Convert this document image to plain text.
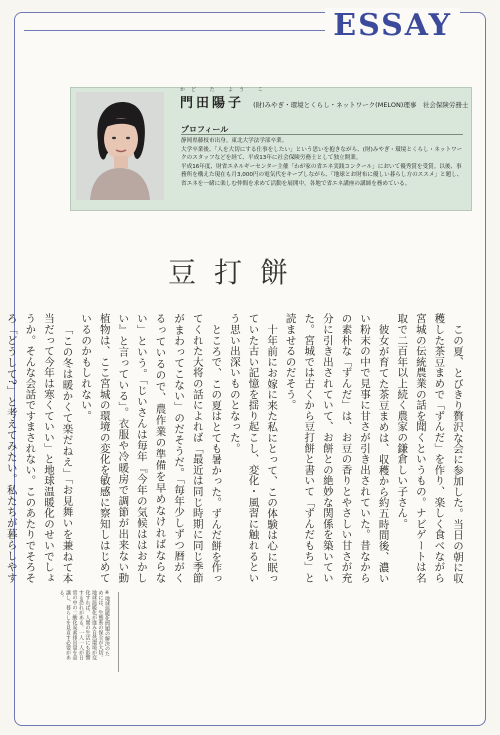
ESSAY
かど た よう こ
門田陽子 (財)みやぎ・環境とくらし・ネットワーク(MELON)理事　社会保険労務士
プロフィール

静岡県藤枝市出身。東北大学法学部卒業。

大学卒業後、「人を大切にする仕事をしたい」という思いを抱きながら、(財)みやぎ・環境とくらし・ネットワークのスタッフなどを経て、平成13年に社会保険労務士として独立開業。

平成16年度、財省エネルギーセンター主催「わが家の省エネ実践コンクール」において優秀賞を受賞。以後、事務所を構えた現在も月3,000円の電気代をキープしながら、「地球とお財布に優しい暮らし方のススメ」と題し、省エネを一緒に楽しむ仲間を求めて活動を展開中。各地で省エネ講座の講師を務めている。

豆打餅

この夏、とびきり贅沢な会に参加した。当日の朝に収穫した茶豆まめで「ずんだ」を作り、楽しく食べながら宮城の伝統農業の話を聞くというもの。ナビゲートは名取で二百年以上続く農家の鎌倉しい子さん。

彼女が育てた茶豆まめは、収穫から約五時間後、濃いい粉末の中で見事に甘さが引き出されていた。昔なからの素朴な「ずんだ」は、お豆の香りとやさしい甘さが充分に引き出されていて、お餅との絶妙な関係を築いていた。宮城では古くから豆打餅と書いて「ずんだもち」と読ませるのだそう。

十年前にお嫁に来た私にとって、この体験は心に眠っていた古い記憶を揺り起こし、変化・風習に触れるという思い出深いものとなった。

ところで、この夏はとても暑かった。ずんだ餅を作ってくれた大将の話によれば「最近は同じ時期に同じ季節がまわってこない」のだそうだ。「毎年少しずつ暦がくるっているので、農作業の準備を早めなければならない」という。「じいさんは毎年『今年の気候ははおかしい』と言っている」。衣服や冷暖房で調節が出来ない動植物は、ここ宮城の環境の変化を敏感に察知しはじめているのかもしれない。

「この冬は暖かくて楽だねえ」「お見舞いを兼ねて本当だって今年は寒くていい」と地球温暖化のせいでしょうか。そんな会話ですまされない。このあたりでそろそろ「どうして?」と考えてみたい。私たちが暮らしやす

※地球温暖化問題の解決のためには、生態系の保全が大切。地球温暖化が進み自然環境が変化すれば、人間の生活にも影響する恐れがある。一人一人が日常の中の二酸化炭素排出量を意識し、暮らしを見直す必要がある。
